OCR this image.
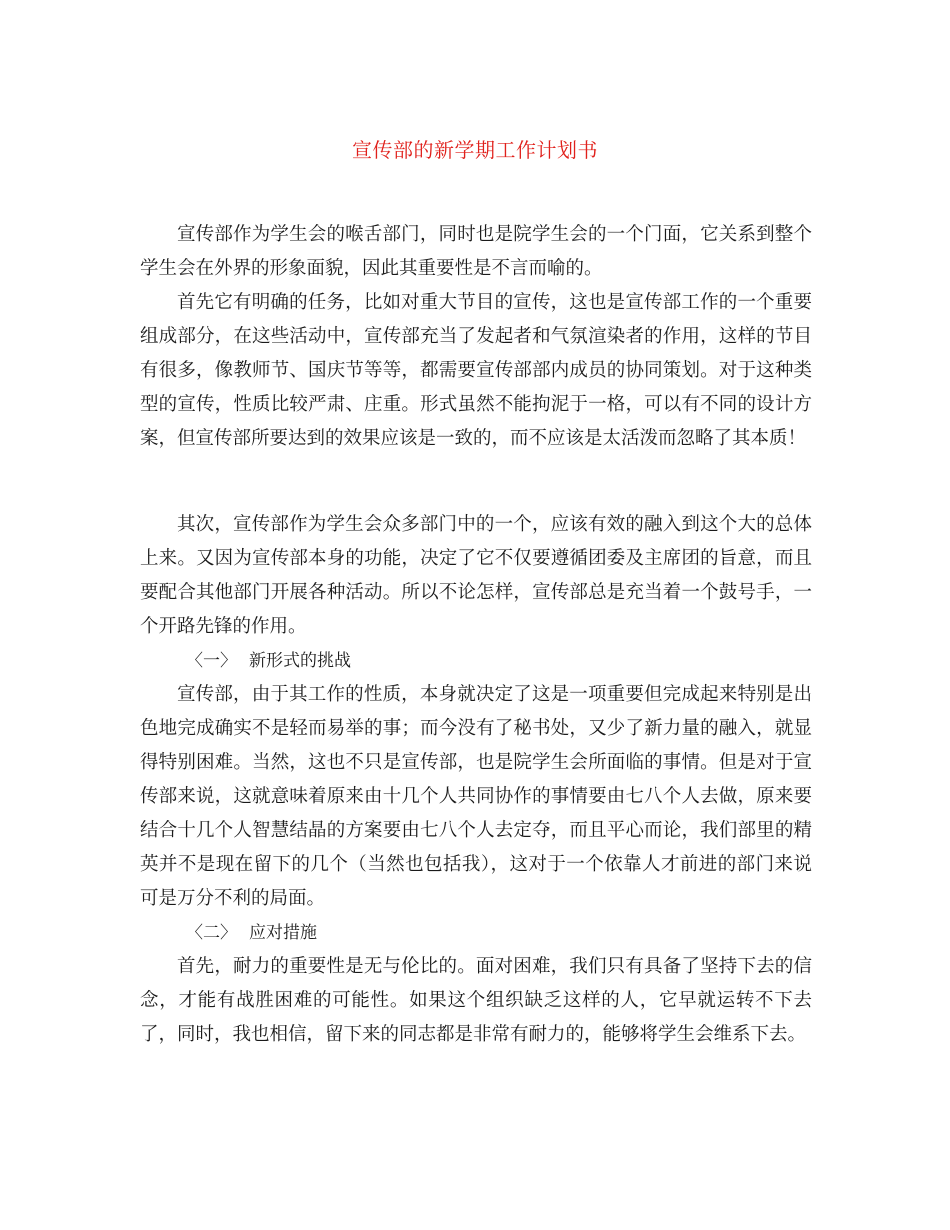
宣传部的新学期工作计划书

宣传部作为学生会的喉舌部门，同时也是院学生会的一个门面，它关系到整个学生会在外界的形象面貌，因此其重要性是不言而喻的。

首先它有明确的任务，比如对重大节目的宣传，这也是宣传部工作的一个重要组成部分，在这些活动中，宣传部充当了发起者和气氛渲染者的作用，这样的节目有很多，像教师节、国庆节等等，都需要宣传部部内成员的协同策划。对于这种类型的宣传，性质比较严肃、庄重。形式虽然不能拘泥于一格，可以有不同的设计方案，但宣传部所要达到的效果应该是一致的，而不应该是太活泼而忽略了其本质！

其次，宣传部作为学生会众多部门中的一个，应该有效的融入到这个大的总体上来。又因为宣传部本身的功能，决定了它不仅要遵循团委及主席团的旨意，而且要配合其他部门开展各种活动。所以不论怎样，宣传部总是充当着一个鼓号手，一个开路先锋的作用。

〈一〉 新形式的挑战

宣传部，由于其工作的性质，本身就决定了这是一项重要但完成起来特别是出色地完成确实不是轻而易举的事；而今没有了秘书处，又少了新力量的融入，就显得特别困难。当然，这也不只是宣传部，也是院学生会所面临的事情。但是对于宣传部来说，这就意味着原来由十几个人共同协作的事情要由七八个人去做，原来要结合十几个人智慧结晶的方案要由七八个人去定夺，而且平心而论，我们部里的精英并不是现在留下的几个（当然也包括我），这对于一个依靠人才前进的部门来说可是万分不利的局面。

〈二〉 应对措施

首先，耐力的重要性是无与伦比的。面对困难，我们只有具备了坚持下去的信念，才能有战胜困难的可能性。如果这个组织缺乏这样的人，它早就运转不下去了，同时，我也相信，留下来的同志都是非常有耐力的，能够将学生会维系下去。
